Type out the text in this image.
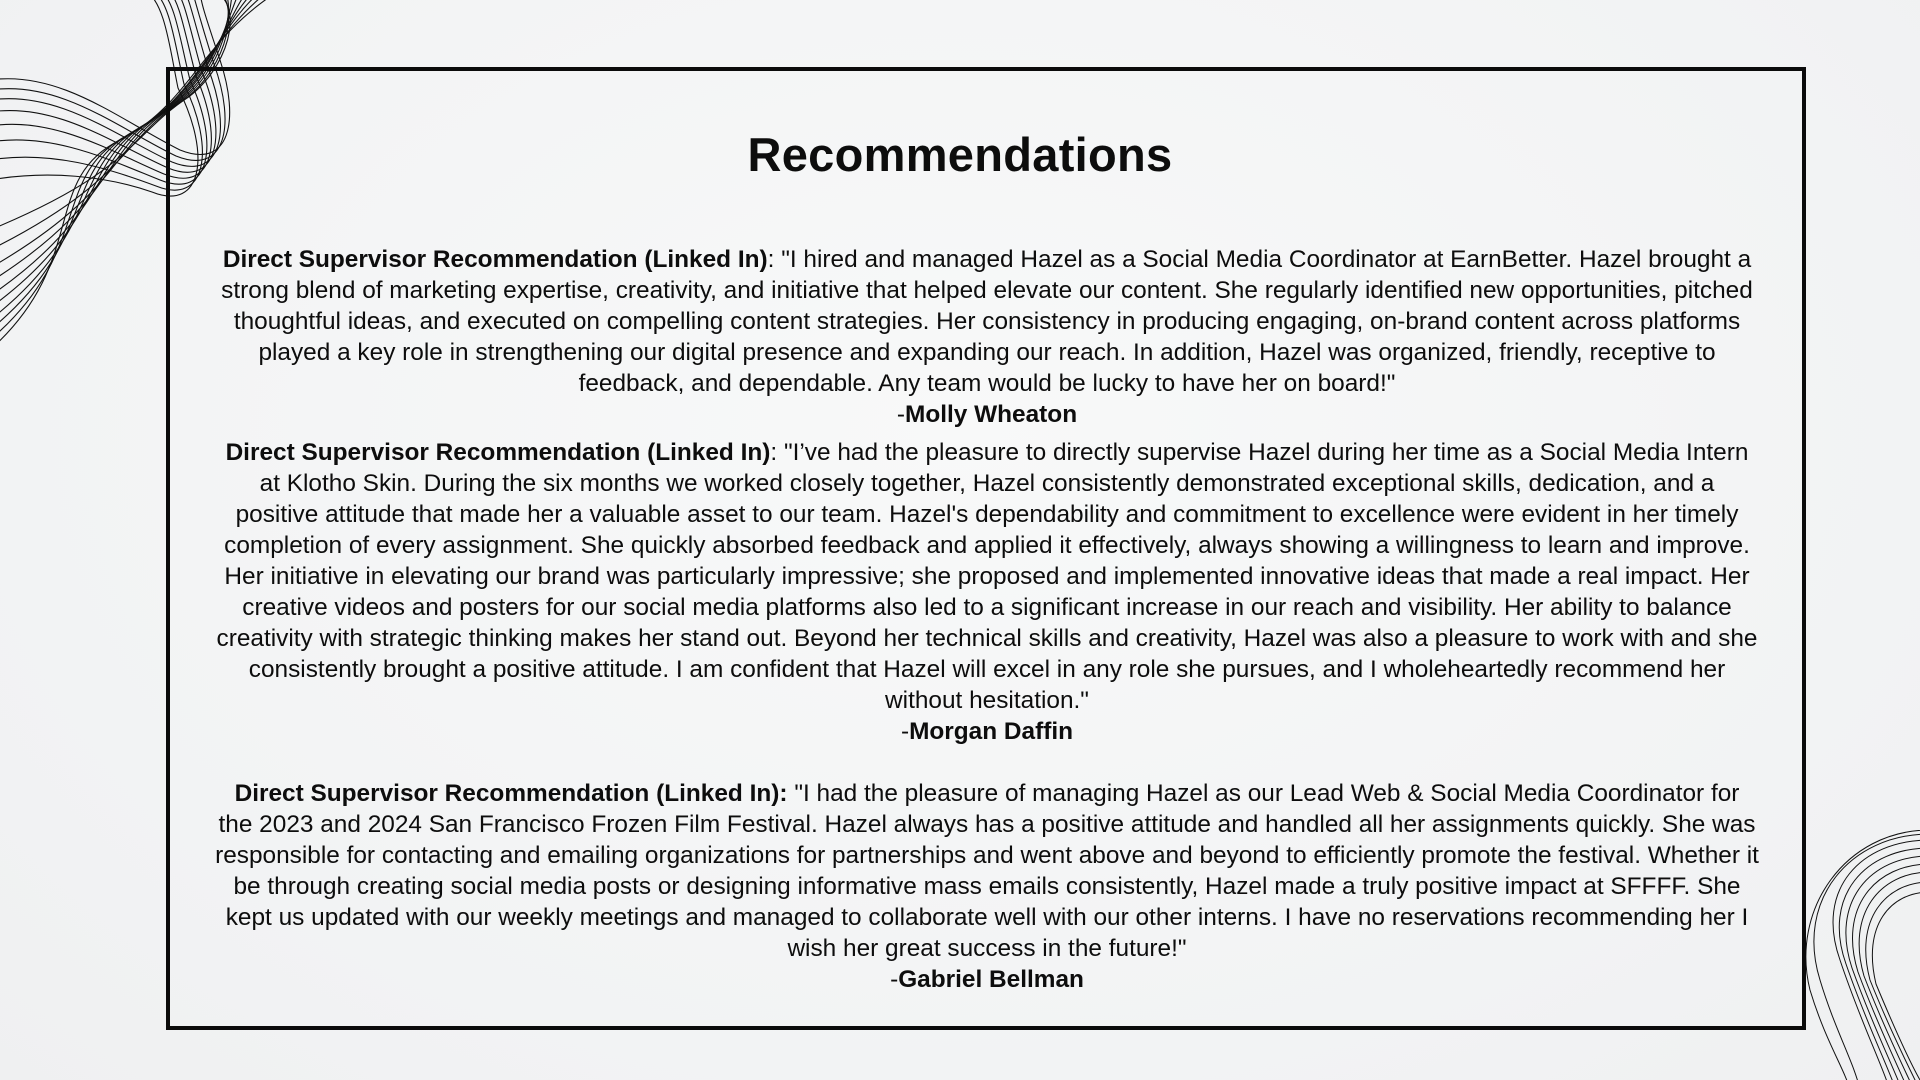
Recommendations

Direct Supervisor Recommendation (Linked In): "I hired and managed Hazel as a Social Media Coordinator at EarnBetter. Hazel brought a strong blend of marketing expertise, creativity, and initiative that helped elevate our content. She regularly identified new opportunities, pitched thoughtful ideas, and executed on compelling content strategies. Her consistency in producing engaging, on-brand content across platforms played a key role in strengthening our digital presence and expanding our reach. In addition, Hazel was organized, friendly, receptive to feedback, and dependable. Any team would be lucky to have her on board!"
-Molly Wheaton

Direct Supervisor Recommendation (Linked In): "I’ve had the pleasure to directly supervise Hazel during her time as a Social Media Intern at Klotho Skin. During the six months we worked closely together, Hazel consistently demonstrated exceptional skills, dedication, and a positive attitude that made her a valuable asset to our team. Hazel's dependability and commitment to excellence were evident in her timely completion of every assignment. She quickly absorbed feedback and applied it effectively, always showing a willingness to learn and improve. Her initiative in elevating our brand was particularly impressive; she proposed and implemented innovative ideas that made a real impact. Her creative videos and posters for our social media platforms also led to a significant increase in our reach and visibility. Her ability to balance creativity with strategic thinking makes her stand out. Beyond her technical skills and creativity, Hazel was also a pleasure to work with and she consistently brought a positive attitude. I am confident that Hazel will excel in any role she pursues, and I wholeheartedly recommend her without hesitation."
-Morgan Daffin

Direct Supervisor Recommendation (Linked In): "I had the pleasure of managing Hazel as our Lead Web & Social Media Coordinator for the 2023 and 2024 San Francisco Frozen Film Festival. Hazel always has a positive attitude and handled all her assignments quickly. She was responsible for contacting and emailing organizations for partnerships and went above and beyond to efficiently promote the festival. Whether it be through creating social media posts or designing informative mass emails consistently, Hazel made a truly positive impact at SFFFF. She kept us updated with our weekly meetings and managed to collaborate well with our other interns. I have no reservations recommending her I wish her great success in the future!"
-Gabriel Bellman
